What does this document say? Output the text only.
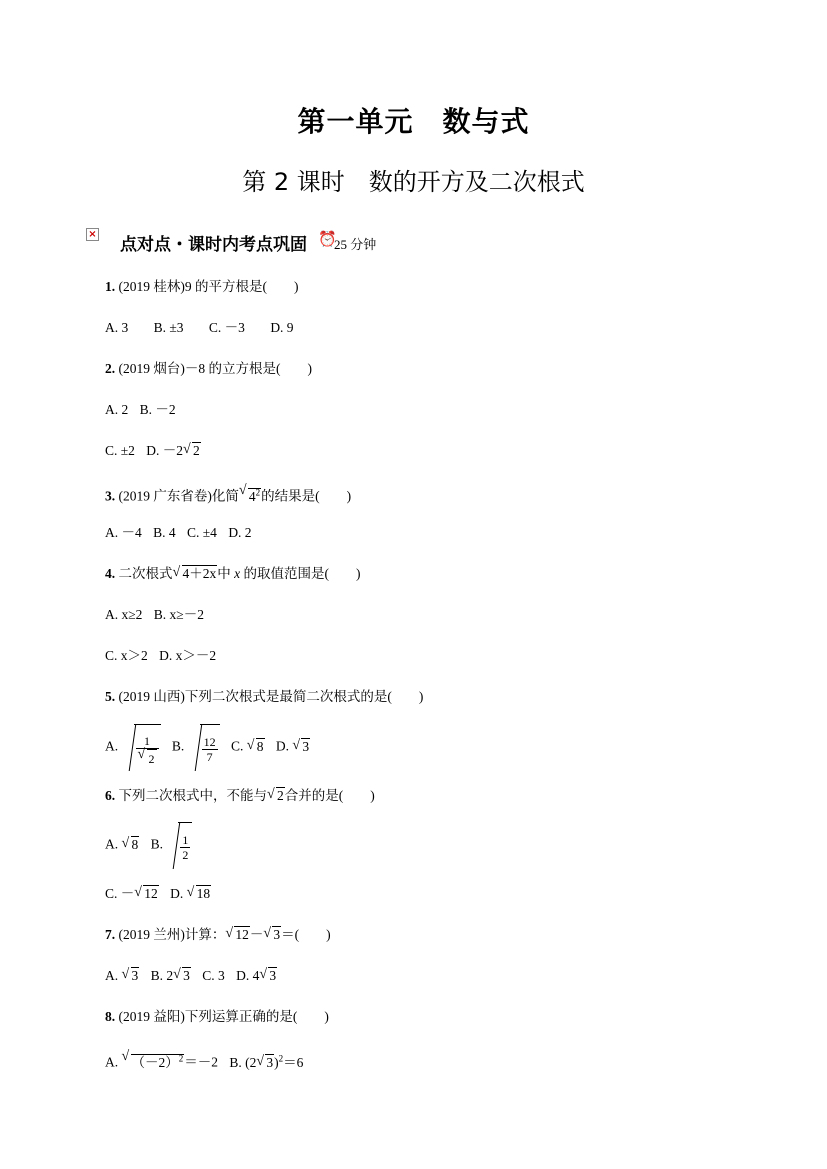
第一单元　数与式
第 2 课时　数的开方及二次根式
×
点对点・课时内考点巩固 ⏰
25 分钟
1. (2019 桂林)9 的平方根是(　　)
A. 3 B. ±3 C. －3 D. 9
2. (2019 烟台)－8 的立方根是(　　)
A. 2 B. －2
C. ±2 D. －2 √ 2
3. (2019 广东省卷)化简 √ $4^2$的结果是(　　)
A. －4 B. 4 C. ±4 D. 2
4. 二次根式 √ 4＋2x中 x 的取值范围是(　　)
A. x≥2 B. x≥－2
C. x＞2 D. x＞－2
5. (2019 山西)下列二次根式是最简二次根式的是(　　)
A. 1
√ 2 B. $\frac{12}{7} C$. √ 8 D. √ 3
6. 下列二次根式中，不能与 √ 2合并的是(　　)
A. √ 8 B. $\frac{1}{2}$
C. － √ 12 D. √ 18
7. (2019 兰州)计算： √ 12－ √ 3＝(　　)
A. √ 3 B. 2 √ 3 C. 3 D. 4 √ 3
8. (2019 益阳)下列运算正确的是(　　)
A. √ $(-2)^2=-2$ B. (2 √ 3)$^2$＝6
